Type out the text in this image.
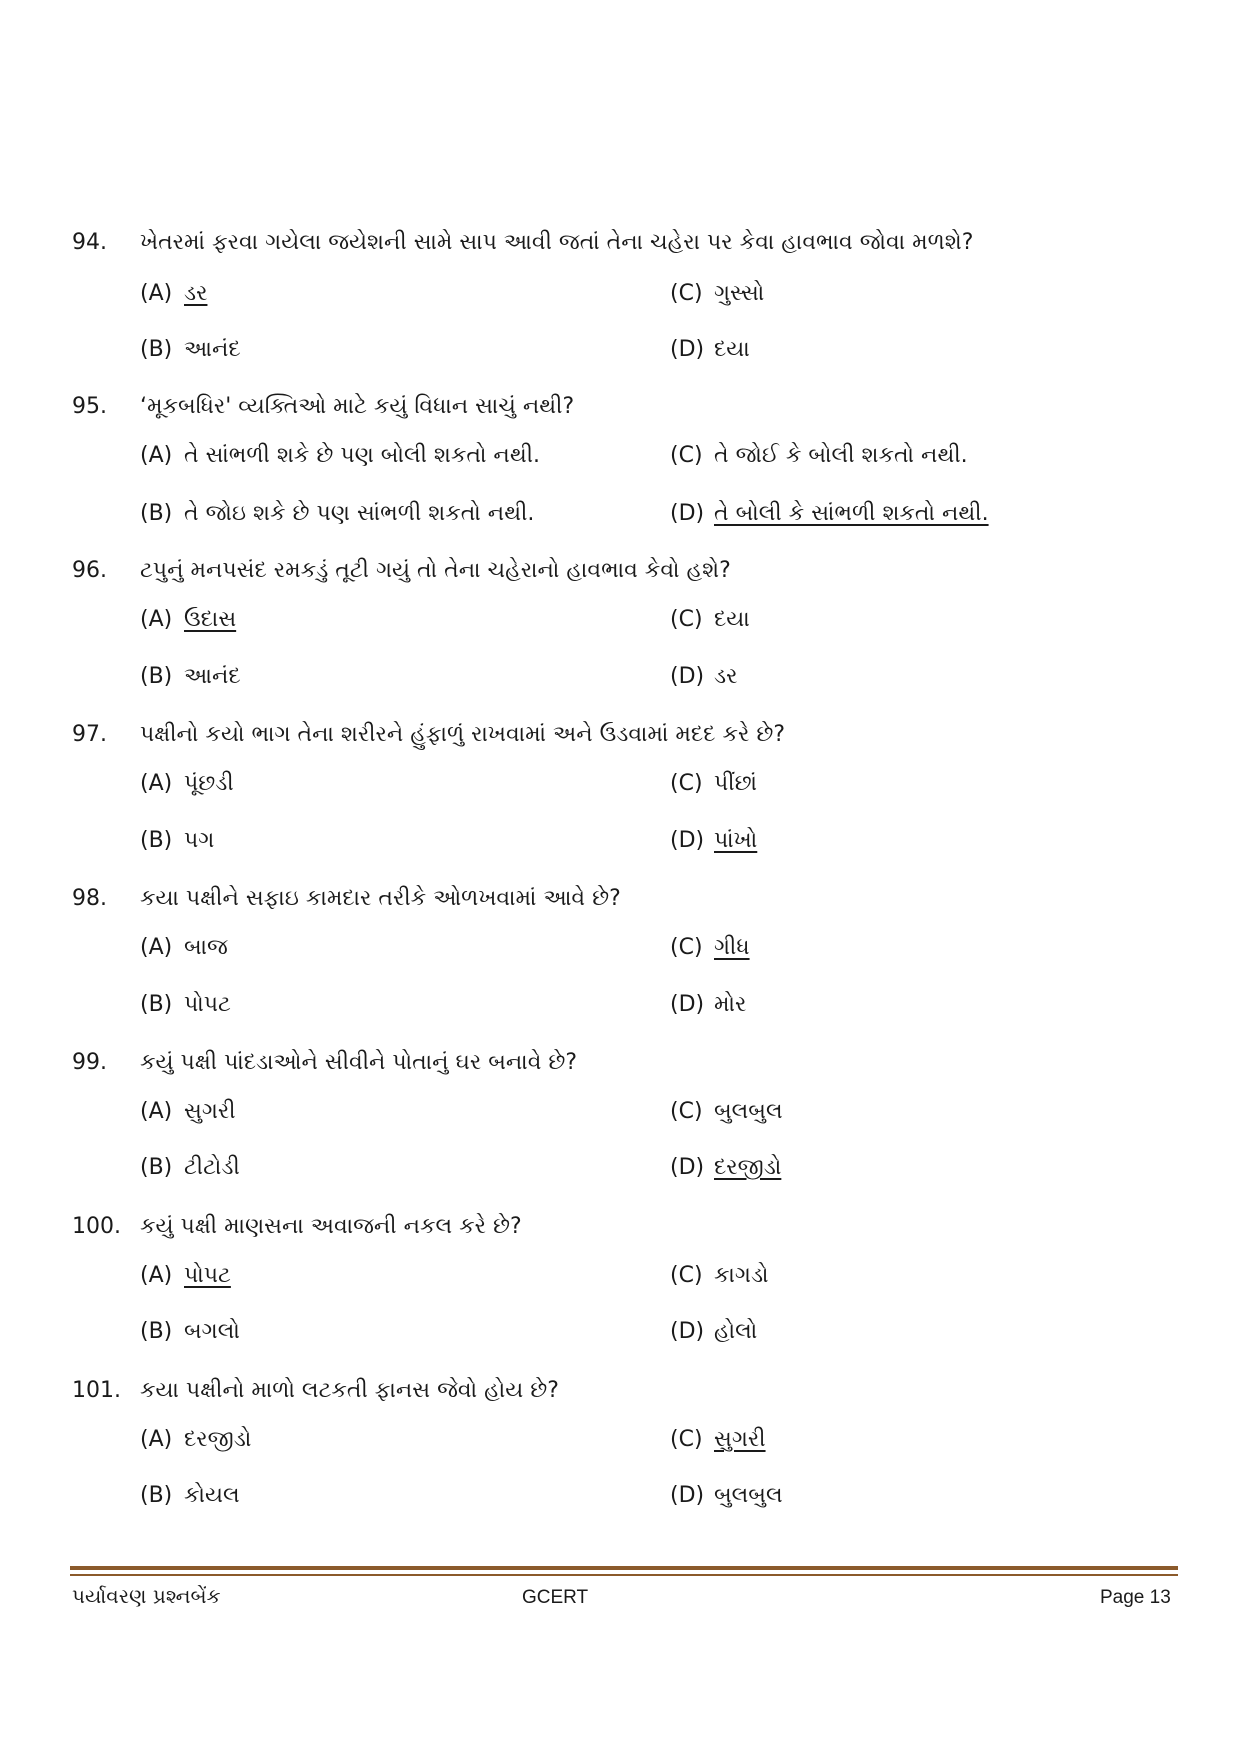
94. ખેતરમાં ફરવા ગયેલા જયેશની સામે સાપ આવી જતાં તેના ચહેરા પર કેવા હાવભાવ જોવા મળશે?
(A) ડર	(C) ગુસ્સો
(B) આનંદ	(D) દયા
95. ‘મૂકબધિર' વ્યક્તિઓ માટે કયું વિધાન સાચું નથી?
(A) તે સાંભળી શકે છે પણ બોલી શકતો નથી.	(C) તે જોઈ કે બોલી શકતો નથી.
(B) તે જોઇ શકે છે પણ સાંભળી શકતો નથી.	(D) તે બોલી કે સાંભળી શકતો નથી.
96. ટપુનું મનપસંદ રમકડું તૂટી ગયું તો તેના ચહેરાનો હાવભાવ કેવો હશે?
(A) ઉદાસ	(C) દયા
(B) આનંદ	(D) ડર
97. પક્ષીનો કયો ભાગ તેના શરીરને હુંફાળું રાખવામાં અને ઉડવામાં મદદ કરે છે?
(A) પૂંછડી	(C) પીંછાં
(B) પગ	(D) પાંખો
98. કયા પક્ષીને સફાઇ કામદાર તરીકે ઓળખવામાં આવે છે?
(A) બાજ	(C) ગીધ
(B) પોપટ	(D) મોર
99. કયું પક્ષી પાંદડાઓને સીવીને પોતાનું ઘર બનાવે છે?
(A) સુગરી	(C) બુલબુલ
(B) ટીટોડી	(D) દરજીડો
100. કયું પક્ષી માણસના અવાજની નકલ કરે છે?
(A) પોપટ	(C) કાગડો
(B) બગલો	(D) હોલો
101. કયા પક્ષીનો માળો લટકતી ફાનસ જેવો હોય છે?
(A) દરજીડો	(C) સુગરી
(B) કોયલ	(D) બુલબુલ
પર્યાવરણ પ્રશ્નબેંક	GCERT	Page 13
